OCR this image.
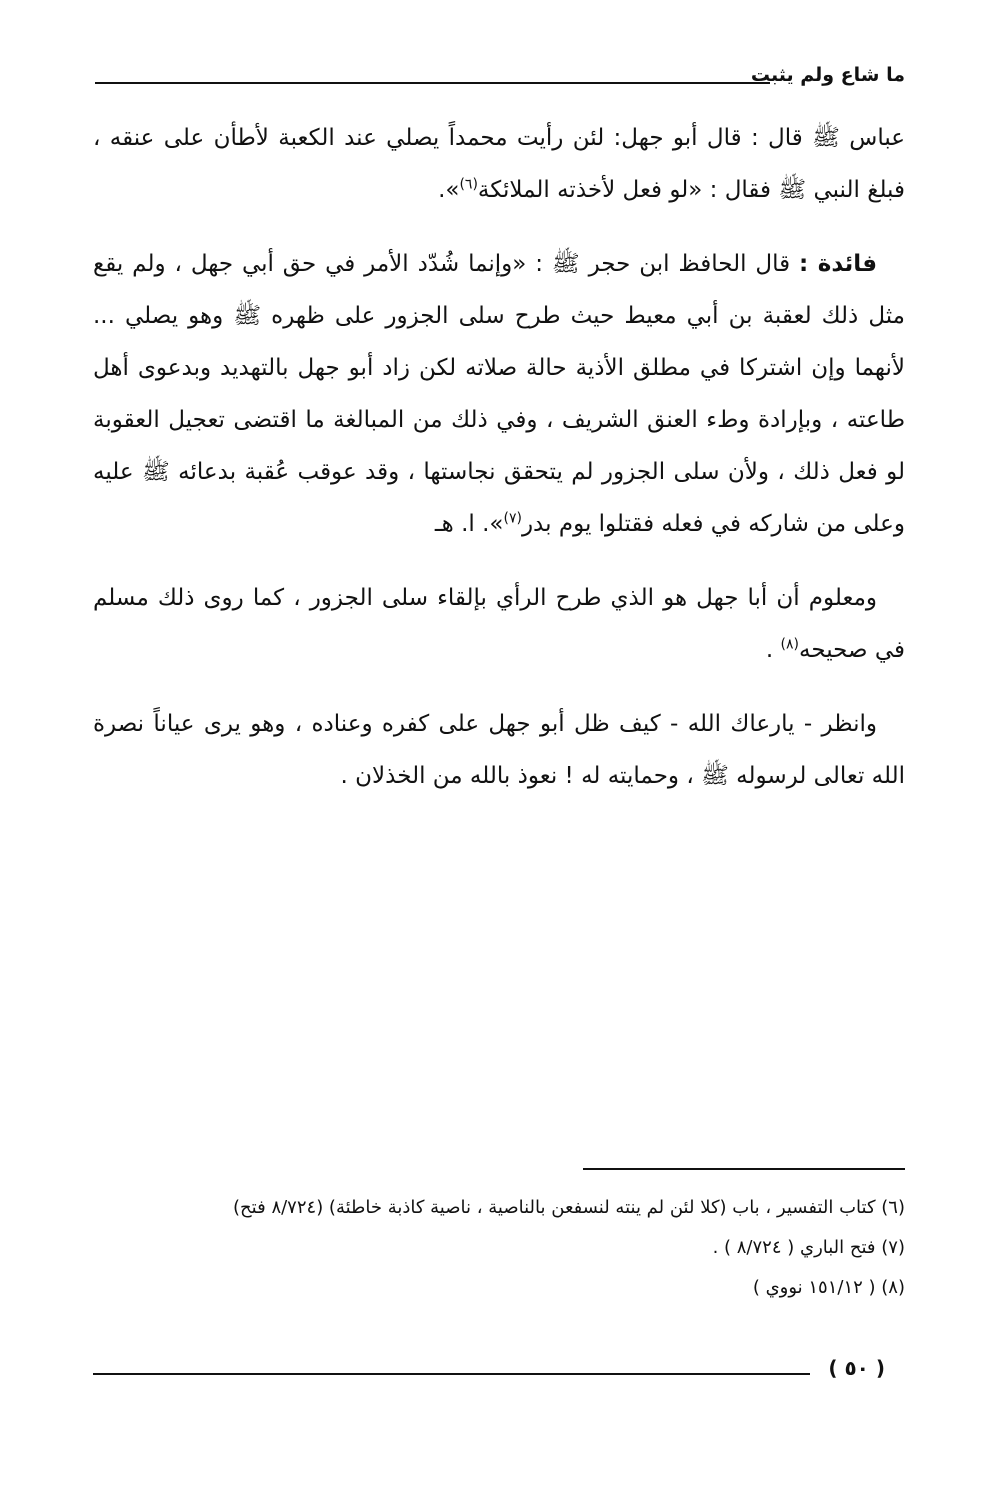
ما شاع ولم يثبت

عباس ﷺ قال : قال أبو جهل: لئن رأيت محمداً يصلي عند الكعبة لأطأن على عنقه ، فبلغ النبي ﷺ فقال : «لو فعل لأخذته الملائكة$^{(٦)}$».

فائدة : قال الحافظ ابن حجر ﷺ : «وإنما شُدّد الأمر في حق أبي جهل ، ولم يقع مثل ذلك لعقبة بن أبي معيط حيث طرح سلى الجزور على ظهره ﷺ وهو يصلي ... لأنهما وإن اشتركا في مطلق الأذية حالة صلاته لكن زاد أبو جهل بالتهديد وبدعوى أهل طاعته ، وبإرادة وطء العنق الشريف ، وفي ذلك من المبالغة ما اقتضى تعجيل العقوبة لو فعل ذلك ، ولأن سلى الجزور لم يتحقق نجاستها ، وقد عوقب عُقبة بدعائه ﷺ عليه وعلى من شاركه في فعله فقتلوا يوم بدر$^{(٧)}$». ا. هـ

ومعلوم أن أبا جهل هو الذي طرح الرأي بإلقاء سلى الجزور ، كما روى ذلك مسلم في صحيحه$^{(٨)}$ .

وانظر - يارعاك الله - كيف ظل أبو جهل على كفره وعناده ، وهو يرى عياناً نصرة الله تعالى لرسوله ﷺ ، وحمايته له ! نعوذ بالله من الخذلان .

(٦) كتاب التفسير ، باب (كلا لئن لم ينته لنسفعن بالناصية ، ناصية كاذبة خاطئة) (٨/٧٢٤ فتح)
(٧) فتح الباري ( ٨/٧٢٤ ) .
(٨) ( ١٥١/١٢ نووي )
( ٥٠ )
